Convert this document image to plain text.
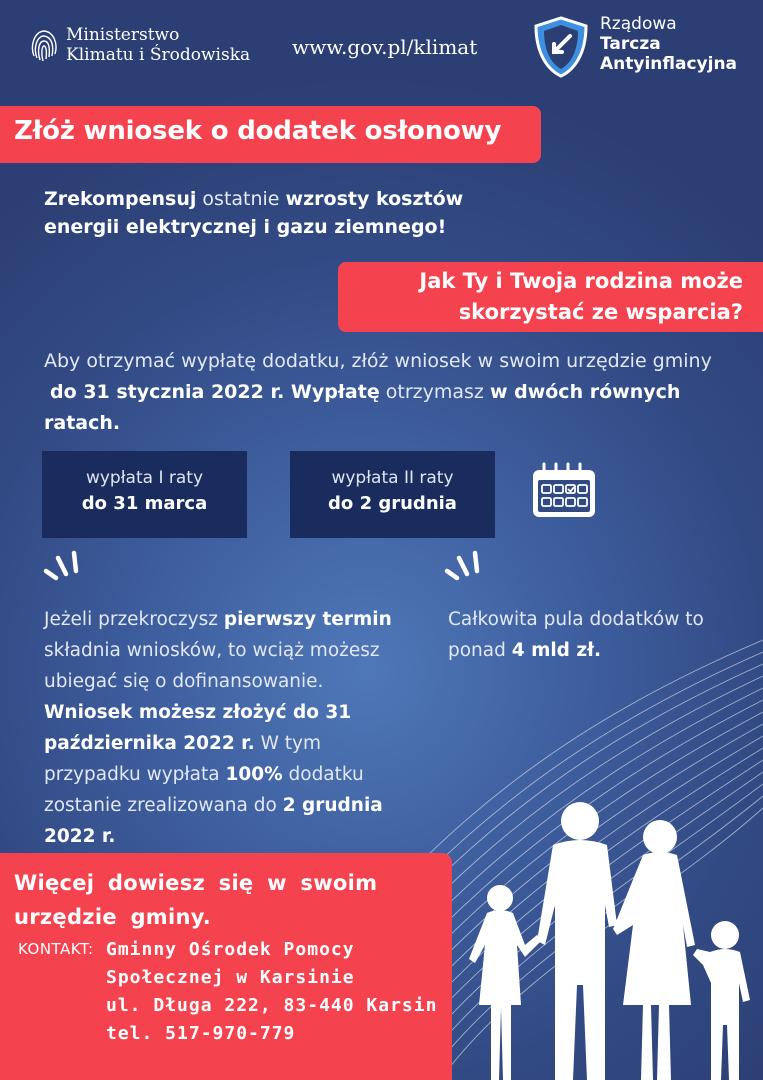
Ministerstwo
Klimatu i Środowiska www.gov.pl/klimat
Rządowa
Tarcza
Antyinflacyjna
Złóż wniosek o dodatek osłonowy
Zrekompensuj ostatnie wzrosty kosztów energii elektrycznej i gazu ziemnego!
Jak Ty i Twoja rodzina może
skorzystać ze wsparcia?
Aby otrzymać wypłatę dodatku, złóż wniosek w swoim urzędzie gminy
do 31 stycznia 2022 r. Wypłatę otrzymasz w dwóch równych ratach.
wypłata I raty
do 31 marca
wypłata II raty
do 2 grudnia
Jeżeli przekroczysz pierwszy termin składnia wniosków, to wciąż możesz ubiegać się o dofinansowanie. Wniosek możesz złożyć do 31 października 2022 r. W tym przypadku wypłata 100% dodatku zostanie zrealizowana do 2 grudnia 2022 r.
Całkowita pula dodatków to ponad 4 mld zł.
Więcej dowiesz się w swoim
urzędzie gminy.
KONTAKT: Gminny Ośrodek Pomocy
Społecznej w Karsinie
ul. Długa 222, 83-440 Karsin
tel. 517-970-779
